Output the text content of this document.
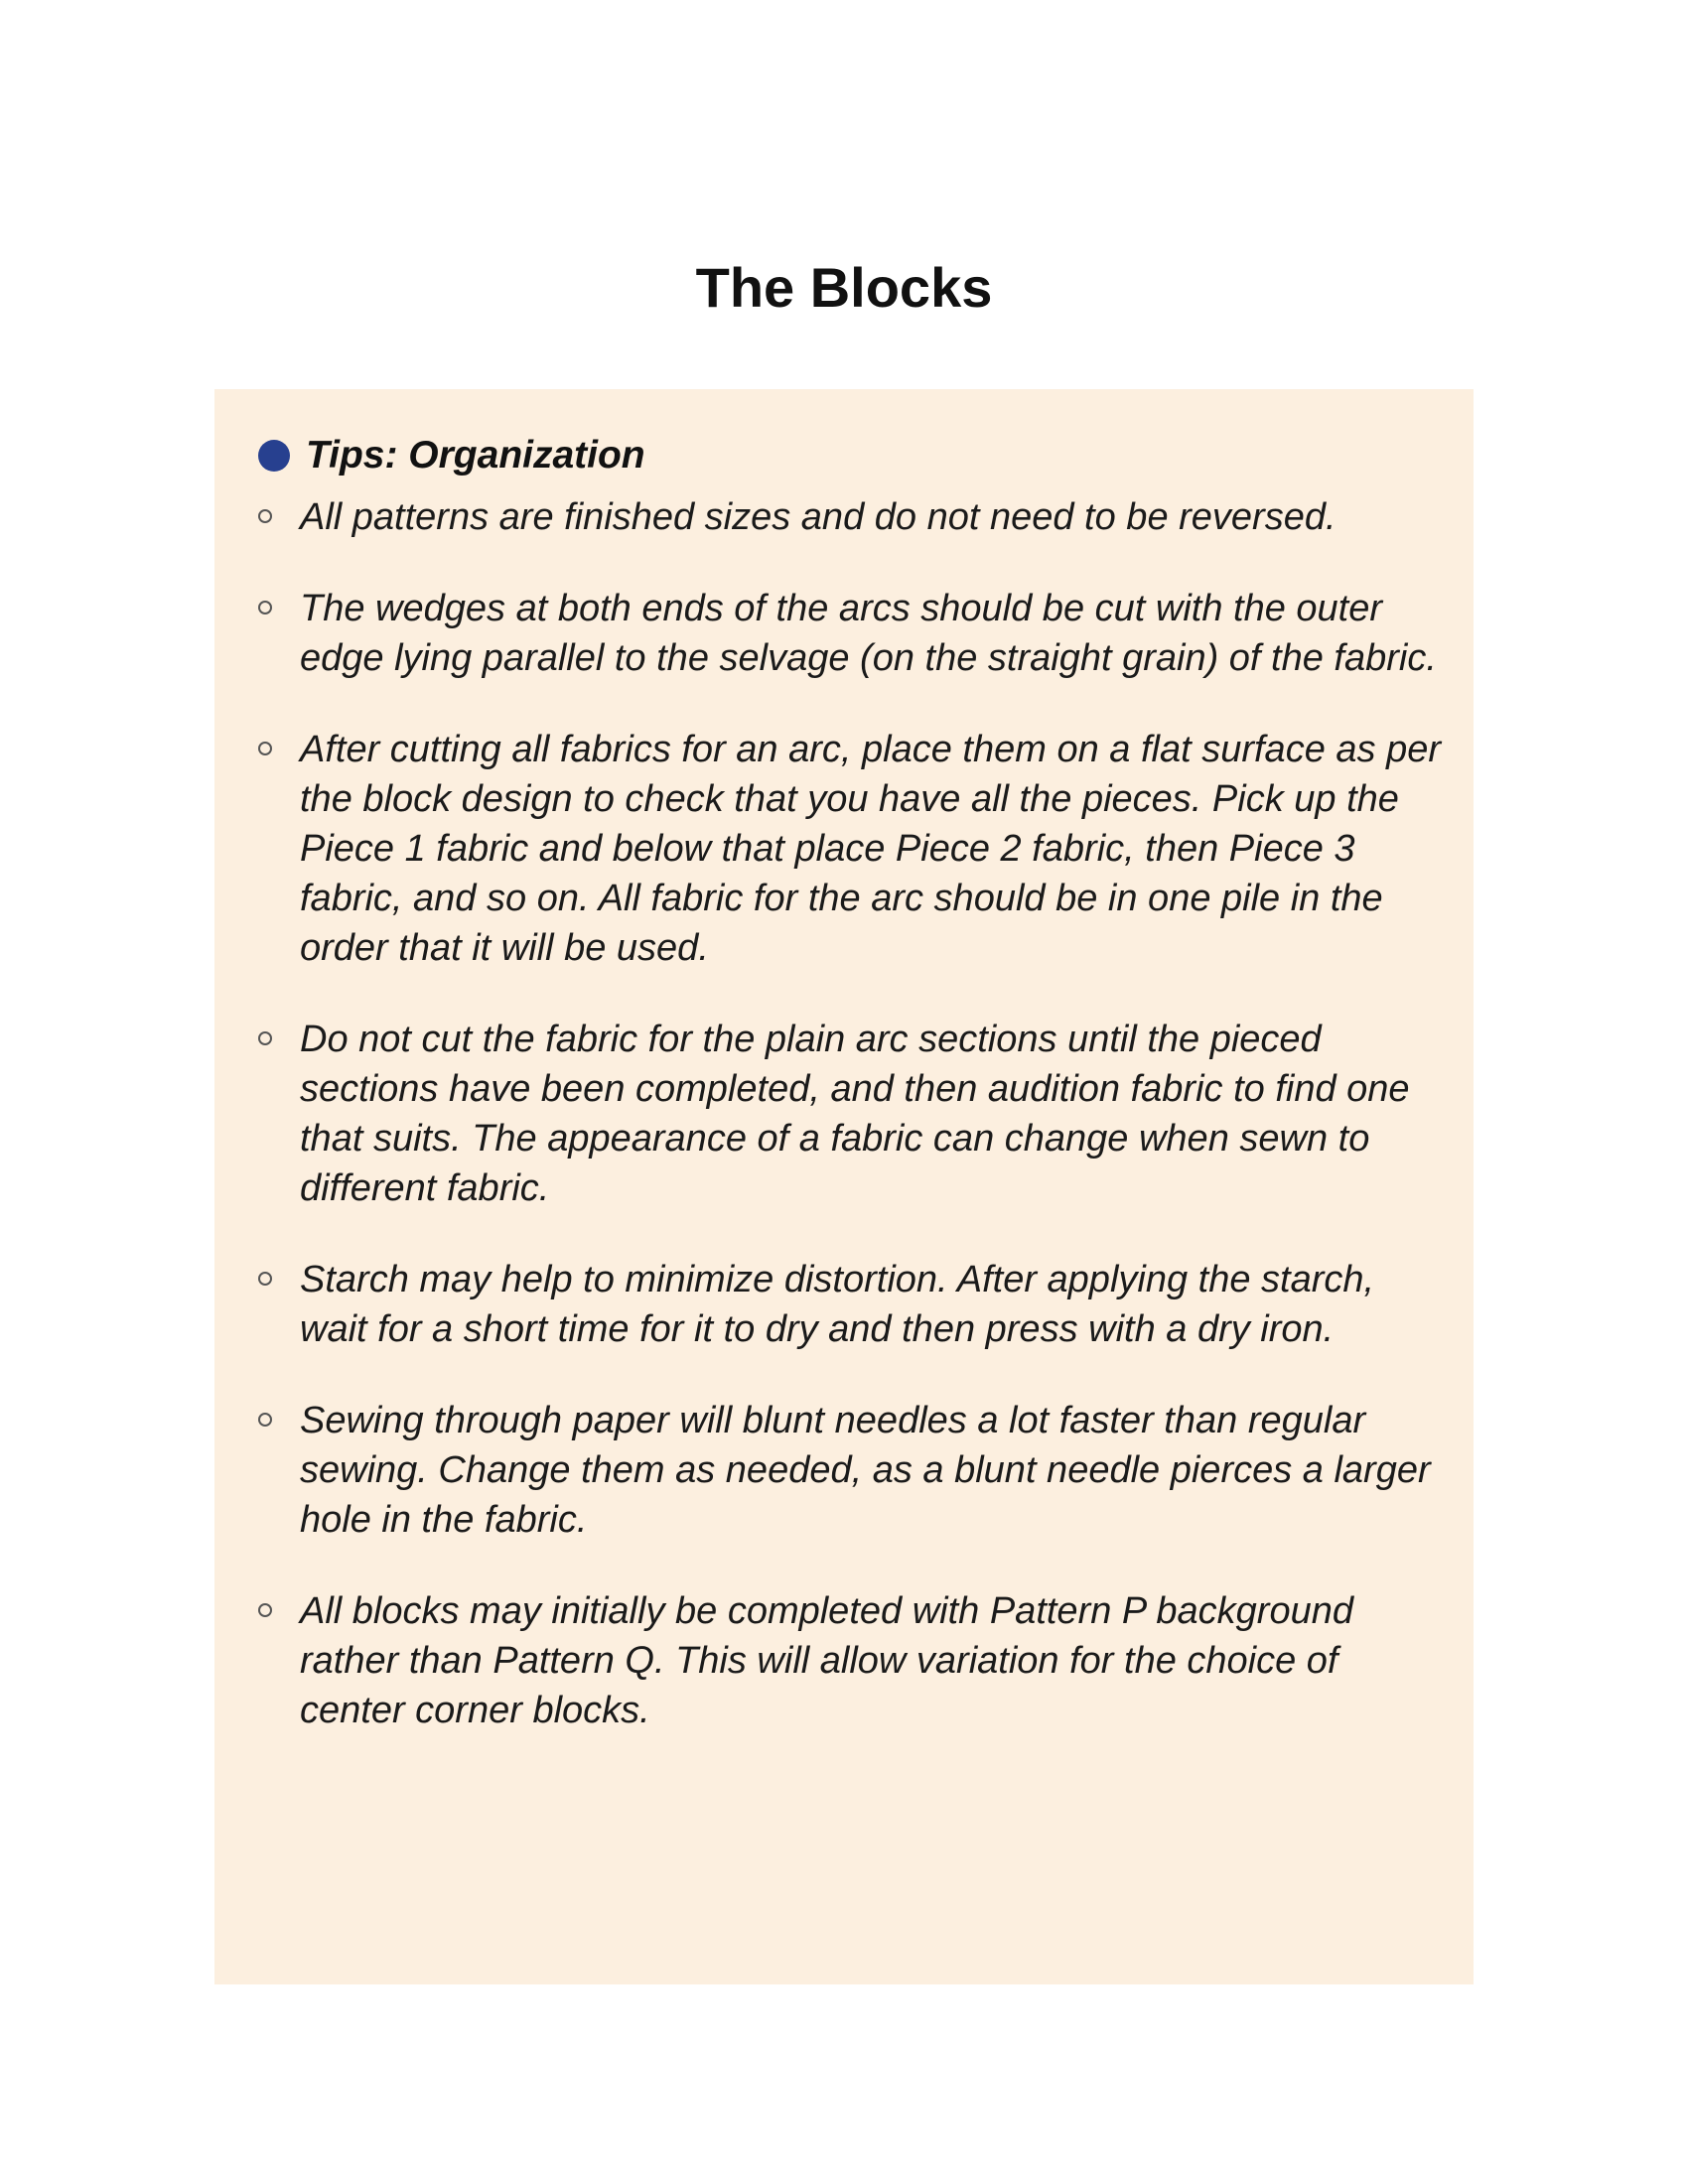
The Blocks
Tips: Organization
All patterns are finished sizes and do not need to be reversed.
The wedges at both ends of the arcs should be cut with the outer edge lying parallel to the selvage (on the straight grain) of the fabric.
After cutting all fabrics for an arc, place them on a flat surface as per the block design to check that you have all the pieces. Pick up the Piece 1 fabric and below that place Piece 2 fabric, then Piece 3 fabric, and so on. All fabric for the arc should be in one pile in the order that it will be used.
Do not cut the fabric for the plain arc sections until the pieced sections have been completed, and then audition fabric to find one that suits. The appearance of a fabric can change when sewn to different fabric.
Starch may help to minimize distortion. After applying the starch, wait for a short time for it to dry and then press with a dry iron.
Sewing through paper will blunt needles a lot faster than regular sewing. Change them as needed, as a blunt needle pierces a larger hole in the fabric.
All blocks may initially be completed with Pattern P background rather than Pattern Q. This will allow variation for the choice of center corner blocks.
